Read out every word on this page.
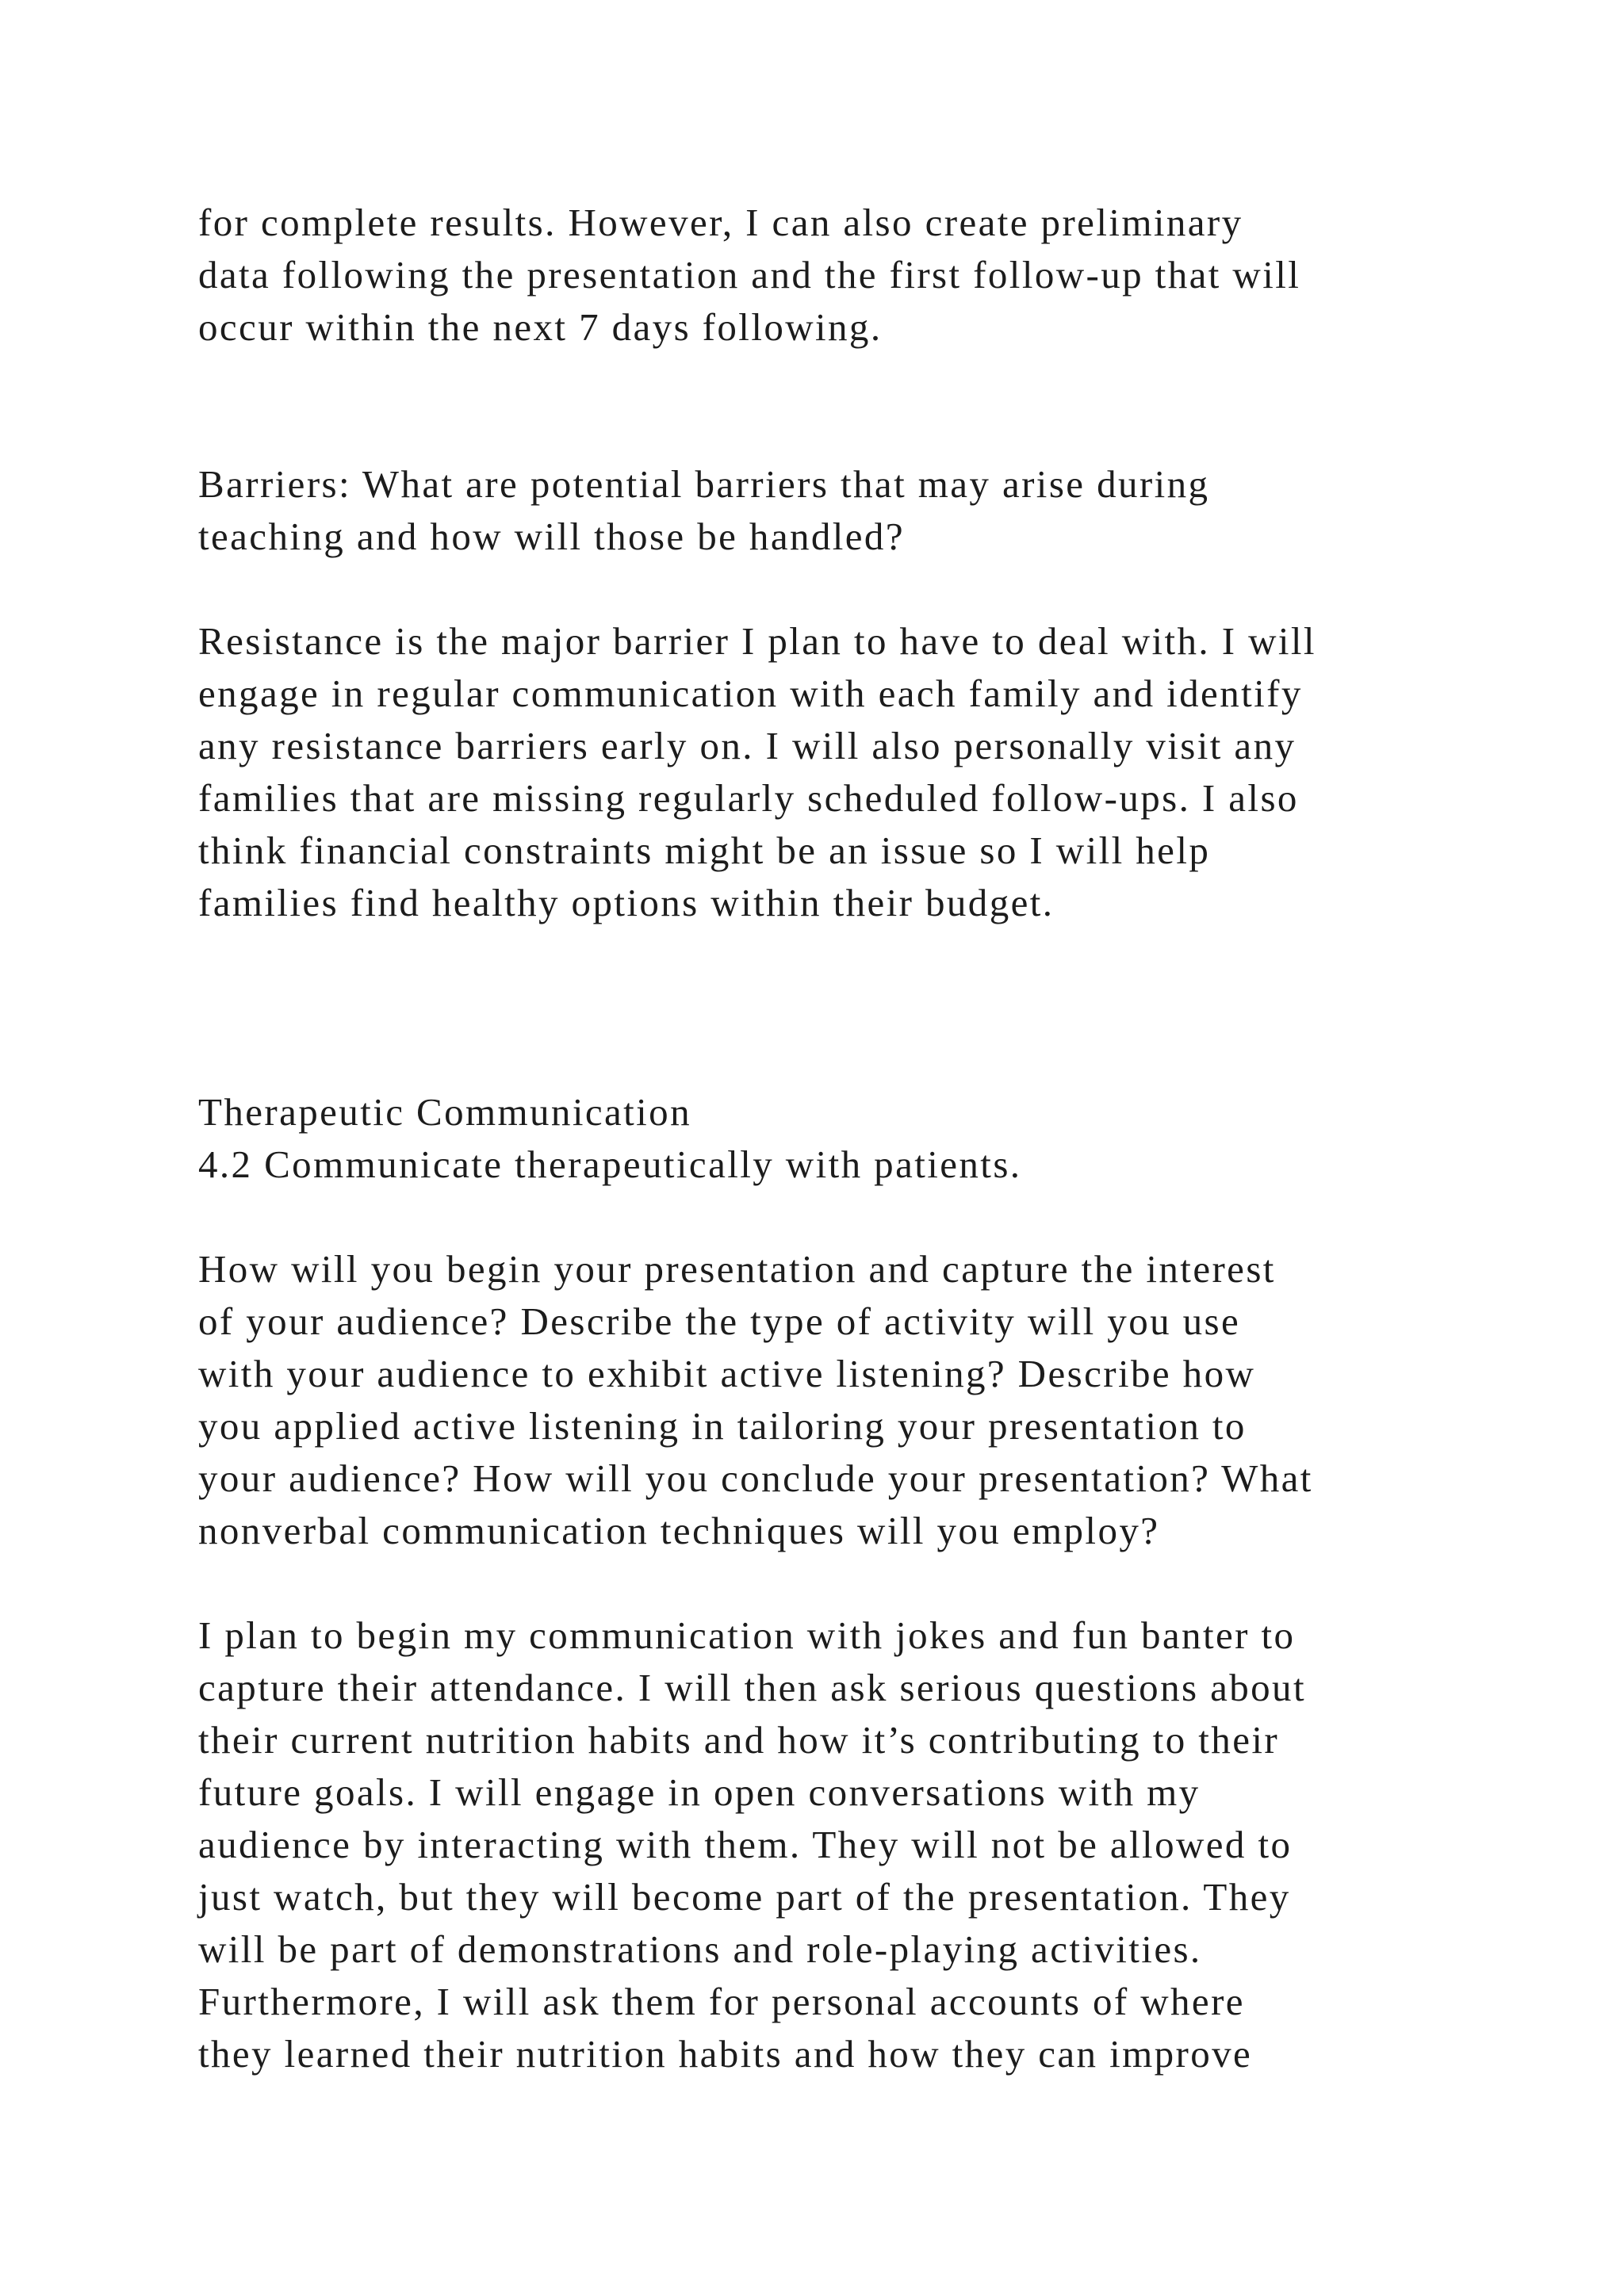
for complete results. However, I can also create preliminary
data following the presentation and the first follow-up that will
occur within the next 7 days following.
Barriers: What are potential barriers that may arise during
teaching and how will those be handled?
Resistance is the major barrier I plan to have to deal with. I will
engage in regular communication with each family and identify
any resistance barriers early on. I will also personally visit any
families that are missing regularly scheduled follow-ups. I also
think financial constraints might be an issue so I will help
families find healthy options within their budget.
Therapeutic Communication
4.2 Communicate therapeutically with patients.
How will you begin your presentation and capture the interest
of your audience? Describe the type of activity will you use
with your audience to exhibit active listening? Describe how
you applied active listening in tailoring your presentation to
your audience? How will you conclude your presentation? What
nonverbal communication techniques will you employ?
I plan to begin my communication with jokes and fun banter to
capture their attendance. I will then ask serious questions about
their current nutrition habits and how it’s contributing to their
future goals. I will engage in open conversations with my
audience by interacting with them. They will not be allowed to
just watch, but they will become part of the presentation. They
will be part of demonstrations and role-playing activities.
Furthermore, I will ask them for personal accounts of where
they learned their nutrition habits and how they can improve
